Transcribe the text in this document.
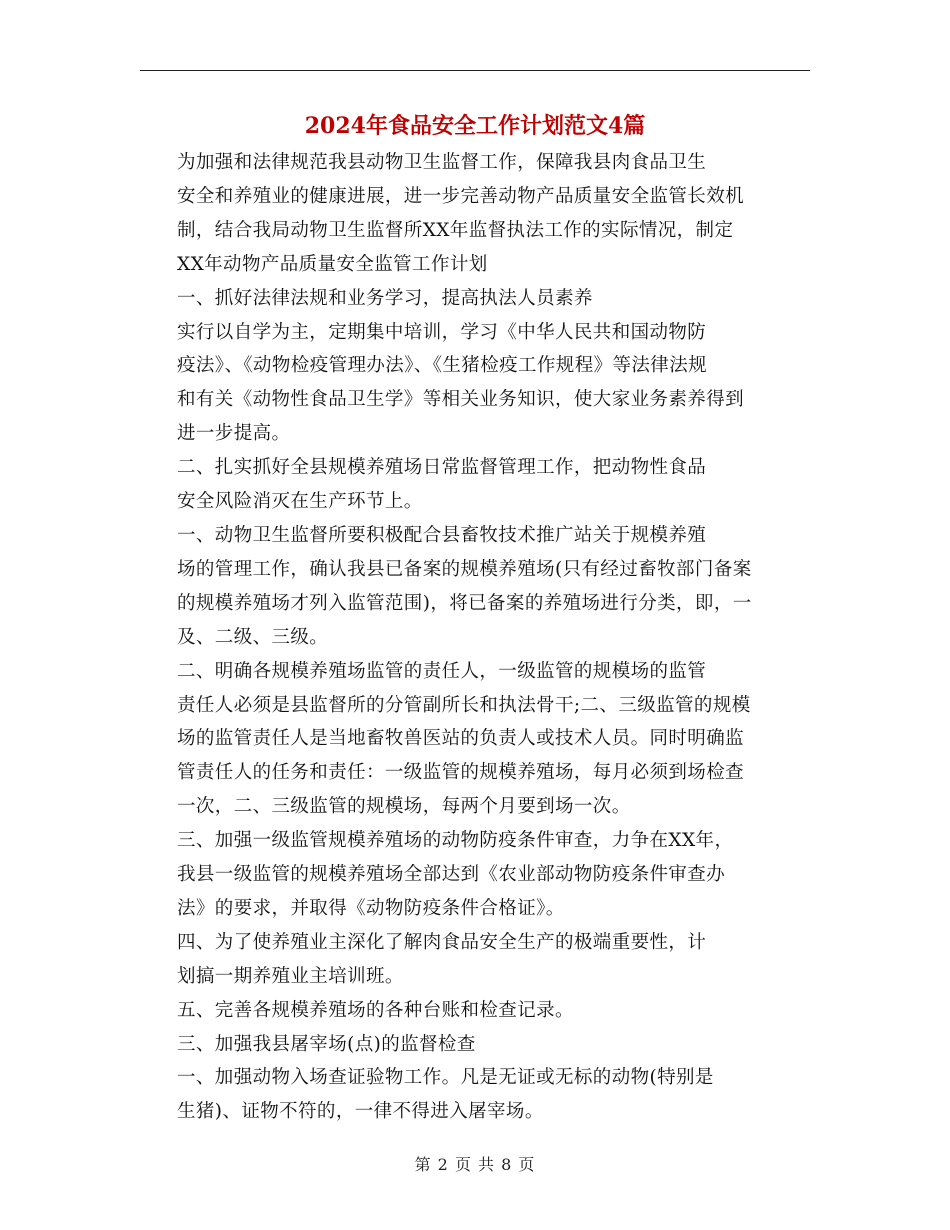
2024年食品安全工作计划范文4篇

为加强和法律规范我县动物卫生监督工作，保障我县肉食品卫生
安全和养殖业的健康进展，进一步完善动物产品质量安全监管长效机
制，结合我局动物卫生监督所XX年监督执法工作的实际情况，制定
XX年动物产品质量安全监管工作计划

一、抓好法律法规和业务学习，提高执法人员素养

实行以自学为主，定期集中培训，学习《中华人民共和国动物防
疫法》、《动物检疫管理办法》、《生猪检疫工作规程》等法律法规
和有关《动物性食品卫生学》等相关业务知识，使大家业务素养得到
进一步提高。

二、扎实抓好全县规模养殖场日常监督管理工作，把动物性食品
安全风险消灭在生产环节上。

一、动物卫生监督所要积极配合县畜牧技术推广站关于规模养殖
场的管理工作，确认我县已备案的规模养殖场(只有经过畜牧部门备案
的规模养殖场才列入监管范围)，将已备案的养殖场进行分类，即，一
及、二级、三级。

二、明确各规模养殖场监管的责任人，一级监管的规模场的监管
责任人必须是县监督所的分管副所长和执法骨干;二、三级监管的规模
场的监管责任人是当地畜牧兽医站的负责人或技术人员。同时明确监
管责任人的任务和责任：一级监管的规模养殖场，每月必须到场检查
一次，二、三级监管的规模场，每两个月要到场一次。

三、加强一级监管规模养殖场的动物防疫条件审查，力争在XX年，
我县一级监管的规模养殖场全部达到《农业部动物防疫条件审查办
法》的要求，并取得《动物防疫条件合格证》。

四、为了使养殖业主深化了解肉食品安全生产的极端重要性，计
划搞一期养殖业主培训班。

五、完善各规模养殖场的各种台账和检查记录。

三、加强我县屠宰场(点)的监督检查

一、加强动物入场查证验物工作。凡是无证或无标的动物(特别是
生猪)、证物不符的，一律不得进入屠宰场。

第 2 页 共 8 页
